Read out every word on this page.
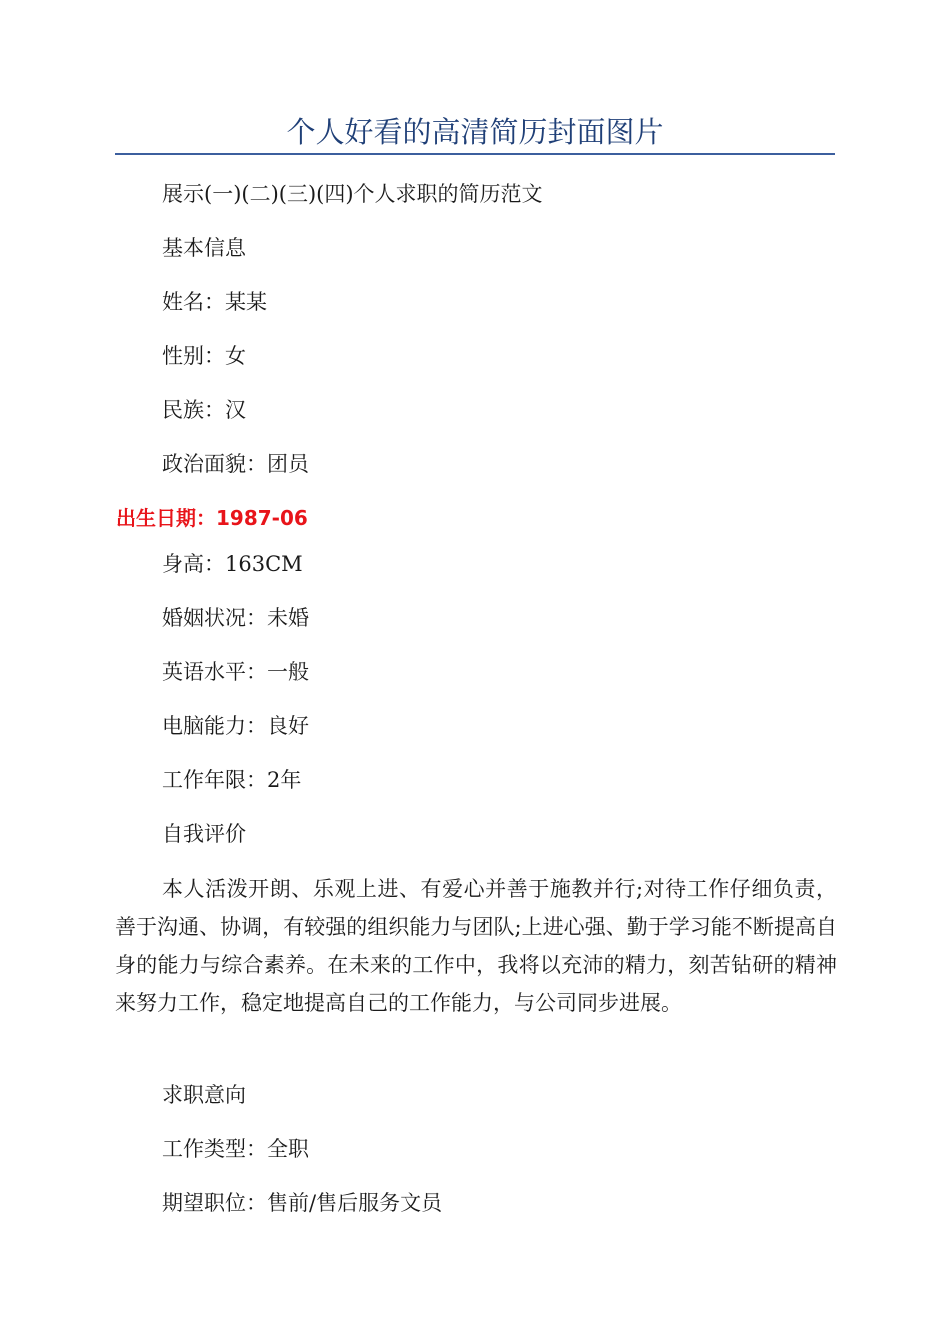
个人好看的高清简历封面图片

展示(一)(二)(三)(四)个人求职的简历范文

基本信息

姓名：某某

性别：女

民族：汉

政治面貌：团员

出生日期：1987-06

身高：163CM

婚姻状况：未婚

英语水平：一般

电脑能力：良好

工作年限：2年

自我评价

本人活泼开朗、乐观上进、有爱心并善于施教并行;对待工作仔细负责，善于沟通、协调，有较强的组织能力与团队;上进心强、勤于学习能不断提高自身的能力与综合素养。在未来的工作中，我将以充沛的精力，刻苦钻研的精神来努力工作，稳定地提高自己的工作能力，与公司同步进展。

求职意向

工作类型：全职

期望职位：售前/售后服务文员
